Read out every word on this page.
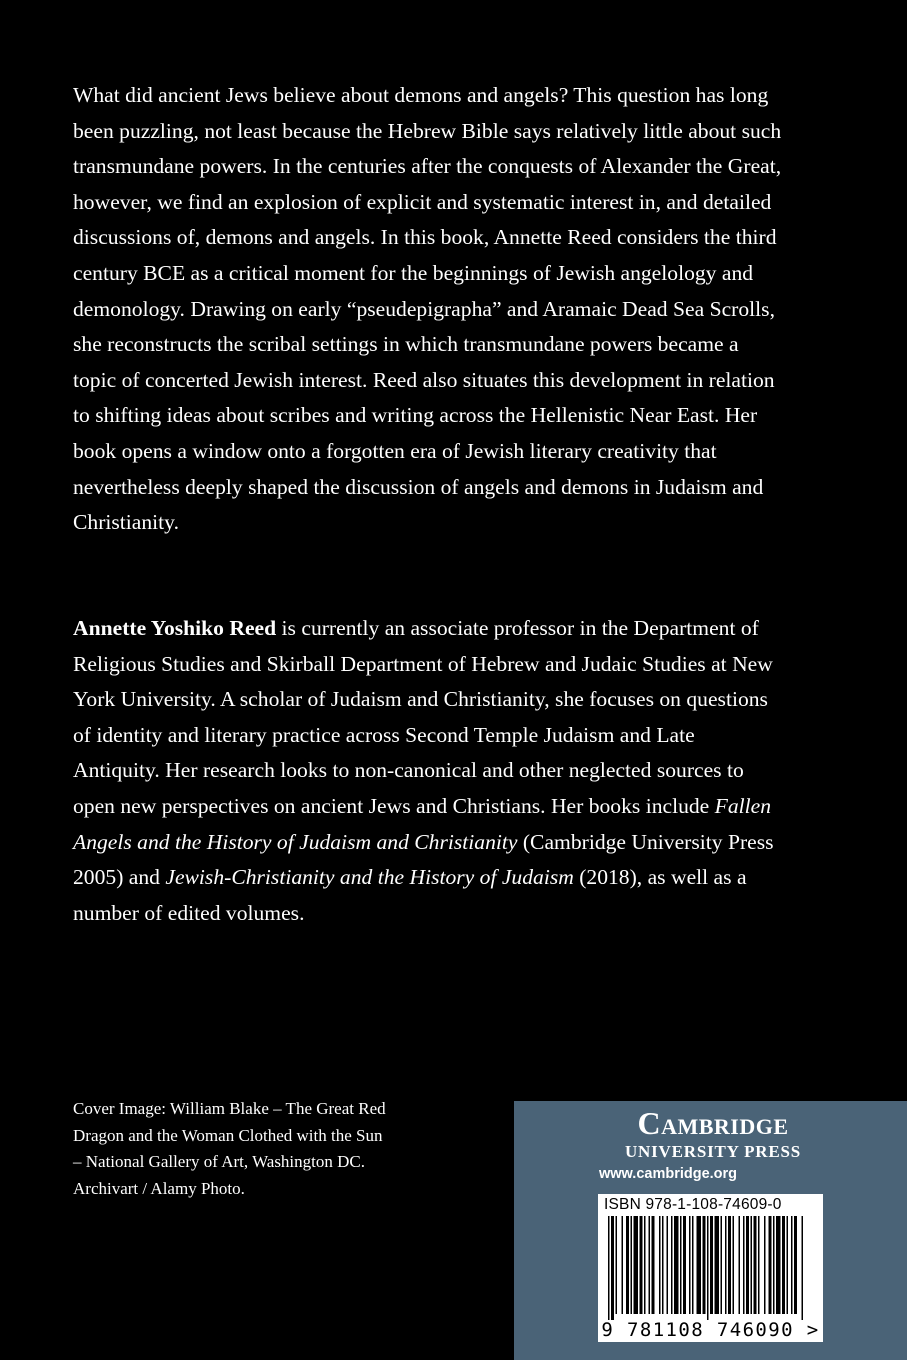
What did ancient Jews believe about demons and angels? This question has long been puzzling, not least because the Hebrew Bible says relatively little about such transmundane powers. In the centuries after the conquests of Alexander the Great, however, we find an explosion of explicit and systematic interest in, and detailed discussions of, demons and angels. In this book, Annette Reed considers the third century BCE as a critical moment for the beginnings of Jewish angelology and demonology. Drawing on early “pseudepigrapha” and Aramaic Dead Sea Scrolls, she reconstructs the scribal settings in which transmundane powers became a topic of concerted Jewish interest. Reed also situates this development in relation to shifting ideas about scribes and writing across the Hellenistic Near East. Her book opens a window onto a forgotten era of Jewish literary creativity that nevertheless deeply shaped the discussion of angels and demons in Judaism and Christianity.

Annette Yoshiko Reed is currently an associate professor in the Department of Religious Studies and Skirball Department of Hebrew and Judaic Studies at New York University. A scholar of Judaism and Christianity, she focuses on questions of identity and literary practice across Second Temple Judaism and Late Antiquity. Her research looks to non-canonical and other neglected sources to open new perspectives on ancient Jews and Christians. Her books include Fallen Angels and the History of Judaism and Christianity (Cambridge University Press 2005) and Jewish-Christianity and the History of Judaism (2018), as well as a number of edited volumes.

Cover Image: William Blake – The Great Red
Dragon and the Woman Clothed with the Sun
– National Gallery of Art, Washington DC.
Archivart / Alamy Photo.
Cambridge
UNIVERSITY PRESS
www.cambridge.org
ISBN 978-1-108-74609-0
9 781108 746090 >
